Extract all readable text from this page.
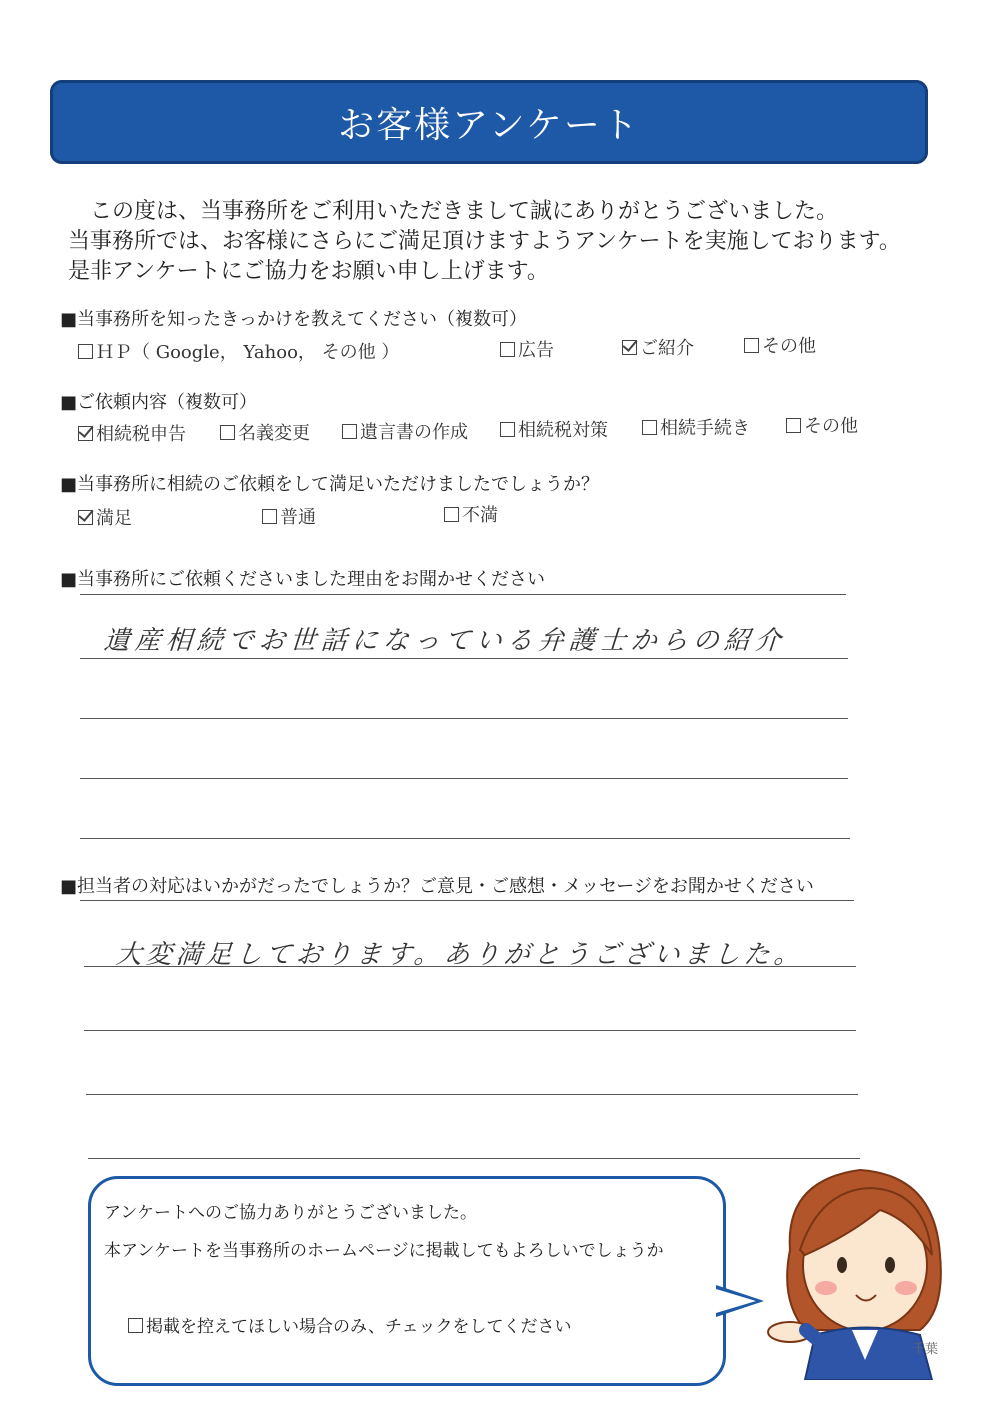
お客様アンケート
この度は、当事務所をご利用いただきまして誠にありがとうございました。
当事務所では、お客様にさらにご満足頂けますようアンケートを実施しております。
是非アンケートにご協力をお願い申し上げます。
■当事務所を知ったきっかけを教えてください（複数可）
ＨＰ（ Google， Yahoo， その他 ）	広告	ご紹介	その他
■ご依頼内容（複数可）
相続税申告	名義変更	遺言書の作成	相続税対策	相続手続き	その他
■当事務所に相続のご依頼をして満足いただけましたでしょうか？
満足	普通	不満
■当事務所にご依頼くださいました理由をお聞かせください
遺産相続でお世話になっている弁護士からの紹介
■担当者の対応はいかがだったでしょうか？ご意見・ご感想・メッセージをお聞かせください
大変満足しております。ありがとうございました。
アンケートへのご協力ありがとうございました。
本アンケートを当事務所のホームページに掲載してもよろしいでしょうか
掲載を控えてほしい場合のみ、チェックをしてください
千葉
